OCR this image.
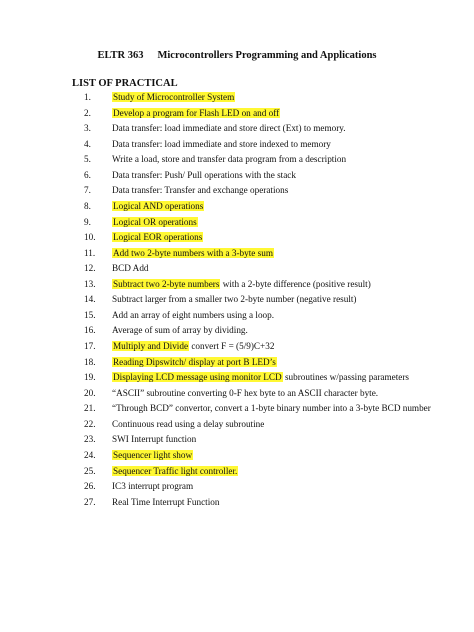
ELTR 363 Microcontrollers Programming and Applications
LIST OF PRACTICAL
1. Study of Microcontroller System
2. Develop a program for Flash LED on and off
3. Data transfer: load immediate and store direct (Ext) to memory.
4. Data transfer: load immediate and store indexed to memory
5. Write a load, store and transfer data program from a description
6. Data transfer: Push/ Pull operations with the stack
7. Data transfer: Transfer and exchange operations
8. Logical AND operations
9. Logical OR operations
10. Logical EOR operations
11. Add two 2-byte numbers with a 3-byte sum
12. BCD Add
13. Subtract two 2-byte numbers with a 2-byte difference (positive result)
14. Subtract larger from a smaller two 2-byte number (negative result)
15. Add an array of eight numbers using a loop.
16. Average of sum of array by dividing.
17. Multiply and Divide convert F = (5/9)C+32
18. Reading Dipswitch/ display at port B LED’s
19. Displaying LCD message using monitor LCD subroutines w/passing parameters
20. “ASCII” subroutine converting 0-F hex byte to an ASCII character byte.
21. “Through BCD” convertor, convert a 1-byte binary number into a 3-byte BCD number
22. Continuous read using a delay subroutine
23. SWI Interrupt function
24. Sequencer light show
25. Sequencer Traffic light controller.
26. IC3 interrupt program
27. Real Time Interrupt Function
